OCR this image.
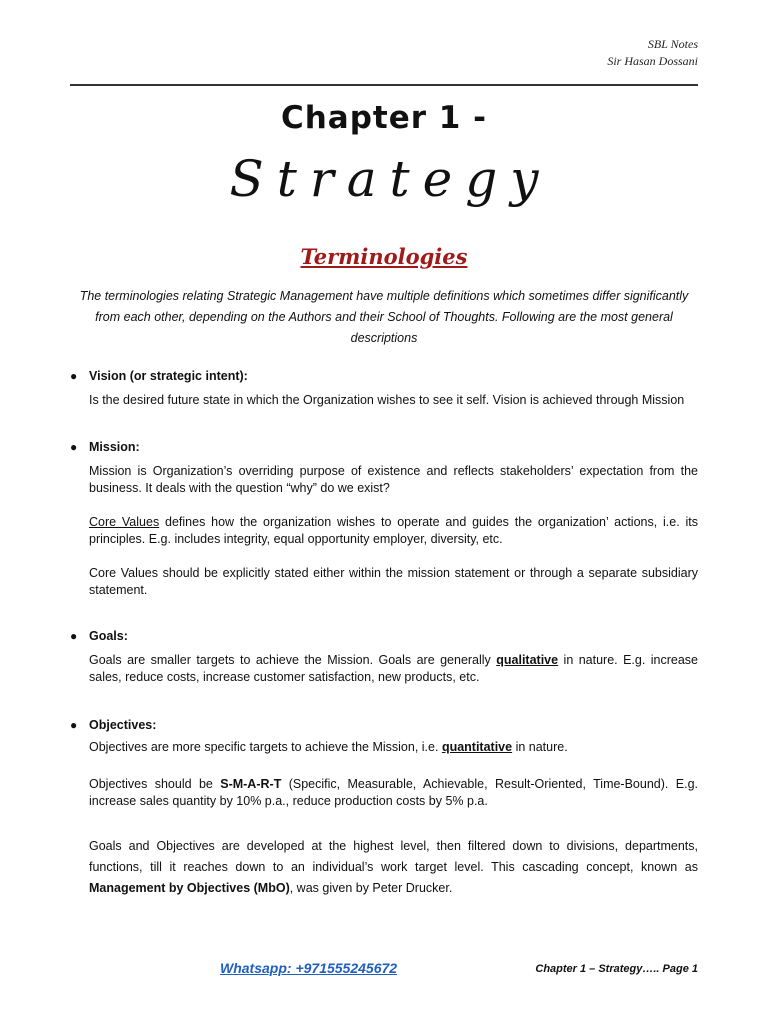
SBL Notes
Sir Hasan Dossani
Chapter 1 -
Strategy
Terminologies
The terminologies relating Strategic Management have multiple definitions which sometimes differ significantly from each other, depending on the Authors and their School of Thoughts. Following are the most general descriptions
● Vision (or strategic intent):

Is the desired future state in which the Organization wishes to see it self. Vision is achieved through Mission

● Mission:

Mission is Organization’s overriding purpose of existence and reflects stakeholders’ expectation from the business. It deals with the question “why” do we exist?

Core Values defines how the organization wishes to operate and guides the organization’ actions, i.e. its principles. E.g. includes integrity, equal opportunity employer, diversity, etc.

Core Values should be explicitly stated either within the mission statement or through a separate subsidiary statement.

● Goals:

Goals are smaller targets to achieve the Mission. Goals are generally qualitative in nature. E.g. increase sales, reduce costs, increase customer satisfaction, new products, etc.

● Objectives:

Objectives are more specific targets to achieve the Mission, i.e. quantitative in nature.

Objectives should be S-M-A-R-T (Specific, Measurable, Achievable, Result-Oriented, Time-Bound). E.g. increase sales quantity by 10% p.a., reduce production costs by 5% p.a.

Goals and Objectives are developed at the highest level, then filtered down to divisions, departments, functions, till it reaches down to an individual’s work target level. This cascading concept, known as Management by Objectives (MbO), was given by Peter Drucker.

Whatsapp: +971555245672	Chapter 1 – Strategy….. Page 1
